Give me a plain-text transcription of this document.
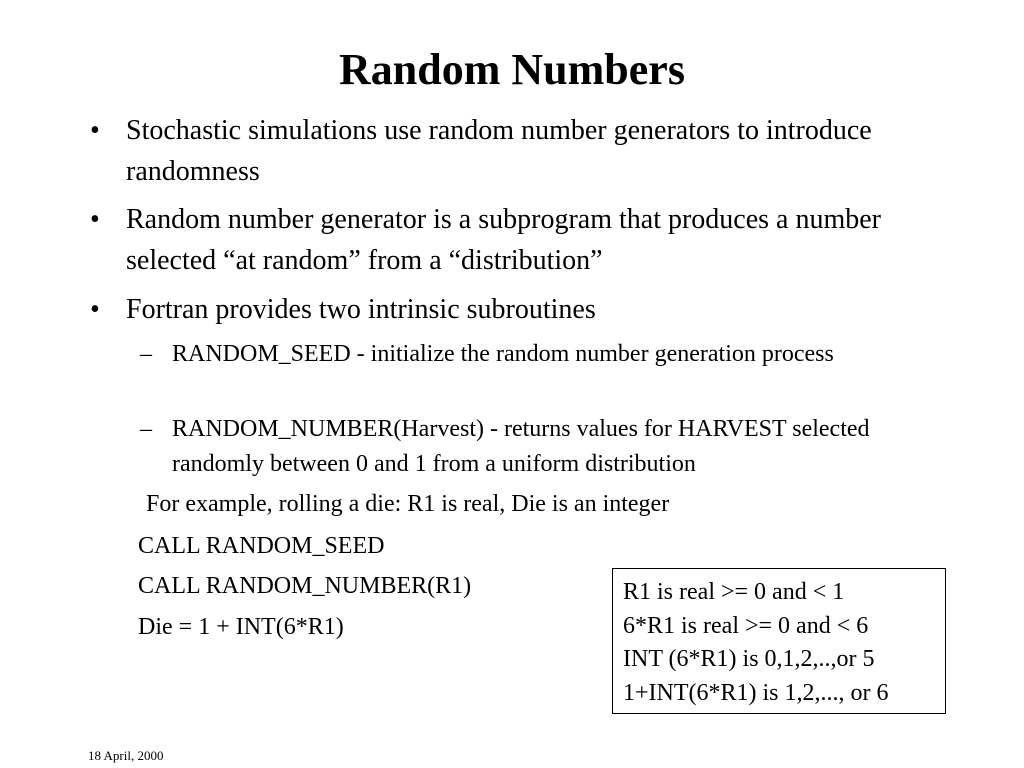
Random Numbers
• Stochastic simulations use random number generators to introduce randomness
• Random number generator is a subprogram that produces a number selected “at random” from a “distribution”
• Fortran provides two intrinsic subroutines
– RANDOM_SEED - initialize the random number generation process
– RANDOM_NUMBER(Harvest) - returns values for HARVEST selected randomly between 0 and 1 from a uniform distribution
For example, rolling a die: R1 is real, Die is an integer
CALL RANDOM_SEED
CALL RANDOM_NUMBER(R1)
Die = 1 + INT(6*R1)
R1 is real >= 0 and < 1
6*R1 is real >= 0 and < 6
INT (6*R1) is 0,1,2,..,or 5
1+INT(6*R1) is 1,2,..., or 6
18 April, 2000
